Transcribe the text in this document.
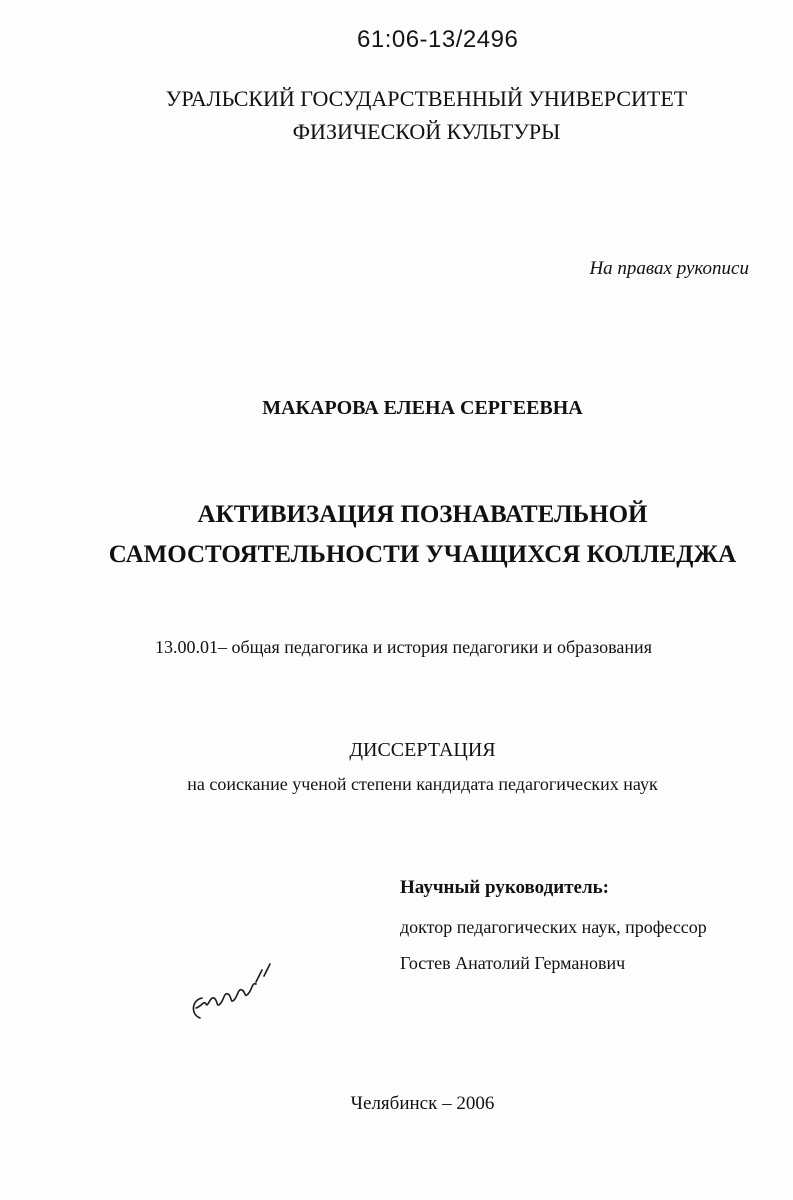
61:06-13/2496
УРАЛЬСКИЙ ГОСУДАРСТВЕННЫЙ УНИВЕРСИТЕТ
ФИЗИЧЕСКОЙ КУЛЬТУРЫ
На правах рукописи
МАКАРОВА ЕЛЕНА СЕРГЕЕВНА
АКТИВИЗАЦИЯ ПОЗНАВАТЕЛЬНОЙ
САМОСТОЯТЕЛЬНОСТИ УЧАЩИХСЯ КОЛЛЕДЖА
13.00.01– общая педагогика и история педагогики и образования
ДИССЕРТАЦИЯ
на соискание ученой степени кандидата педагогических наук
Научный руководитель:
доктор педагогических наук, профессор
Гостев Анатолий Германович
Челябинск – 2006
